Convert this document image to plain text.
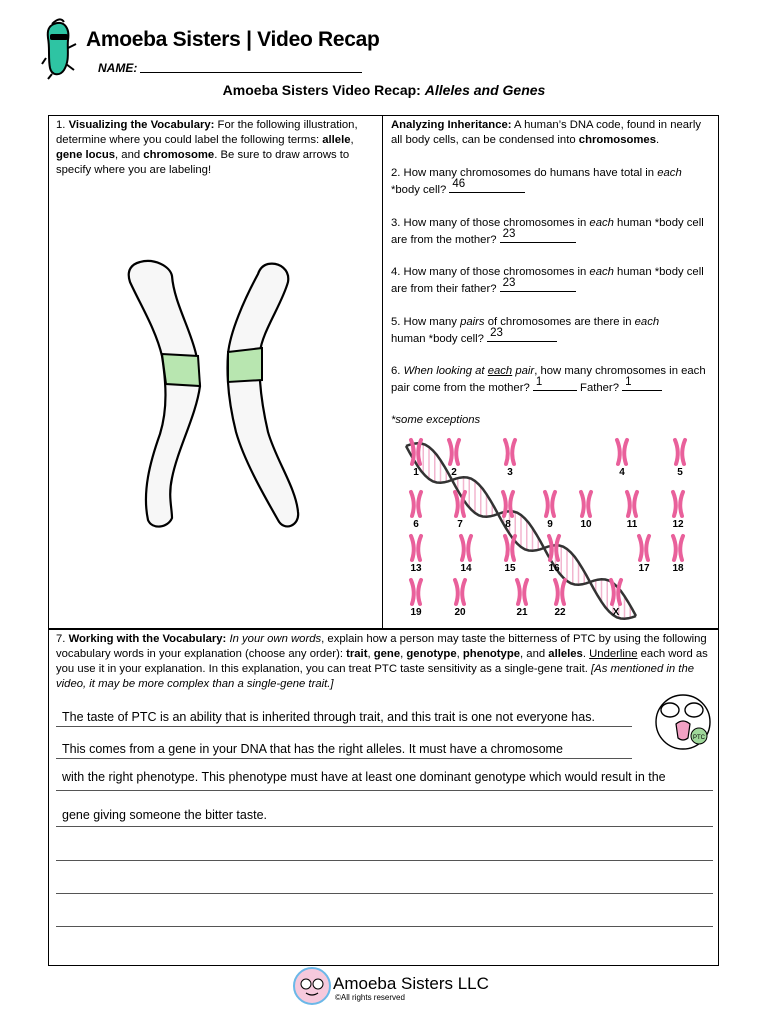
Amoeba Sisters | Video Recap
NAME:
Amoeba Sisters Video Recap: Alleles and Genes
1. Visualizing the Vocabulary: For the following illustration, determine where you could label the following terms: allele, gene locus, and chromosome. Be sure to draw arrows to specify where you are labeling!
Analyzing Inheritance: A human’s DNA code, found in nearly all body cells, can be condensed into chromosomes.
2. How many chromosomes do humans have total in each
*body cell? 46
3. How many of those chromosomes in each human *body cell are from the mother? 23
4. How many of those chromosomes in each human *body cell are from their father? 23
5. How many pairs of chromosomes are there in each
human *body cell? 23
6. When looking at each pair, how many chromosomes in each pair come from the mother? 1	Father? 1
*some exceptions
1	2	3	4	5
6	7	8	9	10	11	12
13	14	15	16	17 18
19	20	21	22	X
7. Working with the Vocabulary: In your own words, explain how a person may taste the bitterness of PTC by using the following vocabulary words in your explanation (choose any order): trait, gene, genotype, phenotype, and alleles. Underline each word as you use it in your explanation. In this explanation, you can treat PTC taste sensitivity as a single-gene trait. [As mentioned in the video, it may be more complex than a single-gene trait.]
PTC
The taste of PTC is an ability that is inherited through trait, and this trait is one not everyone has.
This comes from a gene in your DNA that has the right alleles. It must have a chromosome
with the right phenotype. This phenotype must have at least one dominant genotype which would result in the
gene giving someone the bitter taste.
Amoeba Sisters LLC
©All rights reserved
